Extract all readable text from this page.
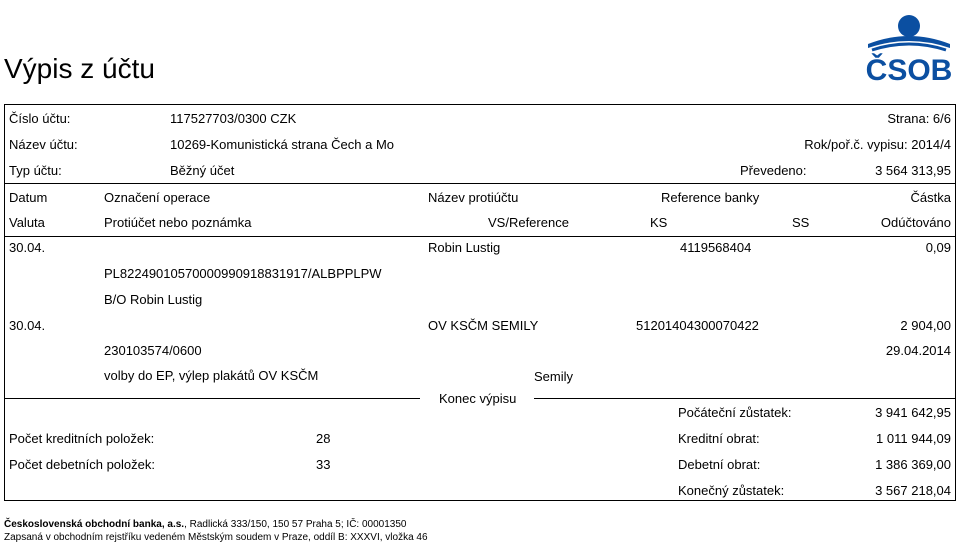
Výpis z účtu	ČSOB
Číslo účtu:	117527703/0300 CZK	Strana: 6/6
Název účtu:	10269-Komunistická strana Čech a Mo	Rok/poř.č. vypisu: 2014/4
Typ účtu:	Běžný účet	Převedeno:	3 564 313,95
Datum	Označení operace	Název protiúčtu	Reference banky	Částka
Valuta	Protiúčet nebo poznámka	VS/Reference	KS	SS	Odúčtováno
30.04.	Robin Lustig	4119568404	0,09
PL82249010570000990918831917/ALBPPLPW
B/O Robin Lustig
30.04.	OV KSČM SEMILY	51201404300070422	2 904,00
230103574/0600	29.04.2014
volby do EP, výlep plakátů OV KSČM	Semily
Konec výpisu
Počáteční zůstatek:	3 941 642,95
Počet kreditních položek:	28	Kreditní obrat:	1 011 944,09
Počet debetních položek:	33	Debetní obrat:	1 386 369,00
Konečný zůstatek:	3 567 218,04
Československá obchodní banka, a.s., Radlická 333/150, 150 57 Praha 5; IČ: 00001350
Zapsaná v obchodním rejstříku vedeném Městským soudem v Praze, oddíl B: XXXVI, vložka 46
